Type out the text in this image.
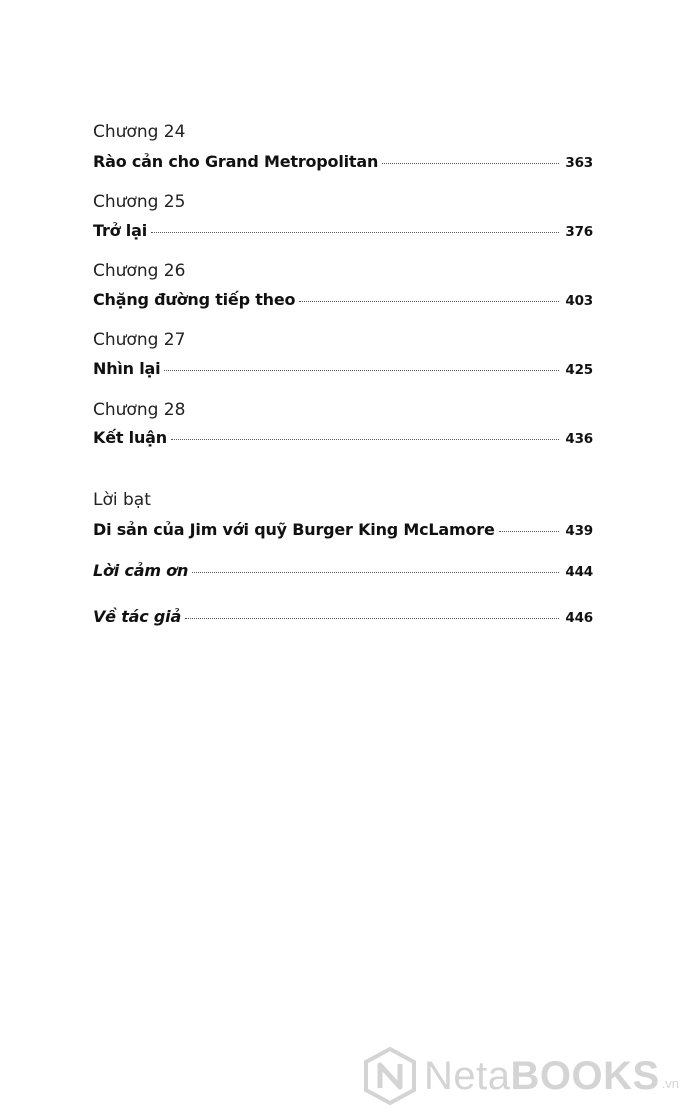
Chương 24
Rào cản cho Grand Metropolitan	363
Chương 25
Trở lại	376
Chương 26
Chặng đường tiếp theo	403
Chương 27
Nhìn lại	425
Chương 28
Kết luận	436
Lời bạt
Di sản của Jim với quỹ Burger King McLamore	439
Lời cảm ơn	444
Về tác giả	446
NetaBOOKS .vn
